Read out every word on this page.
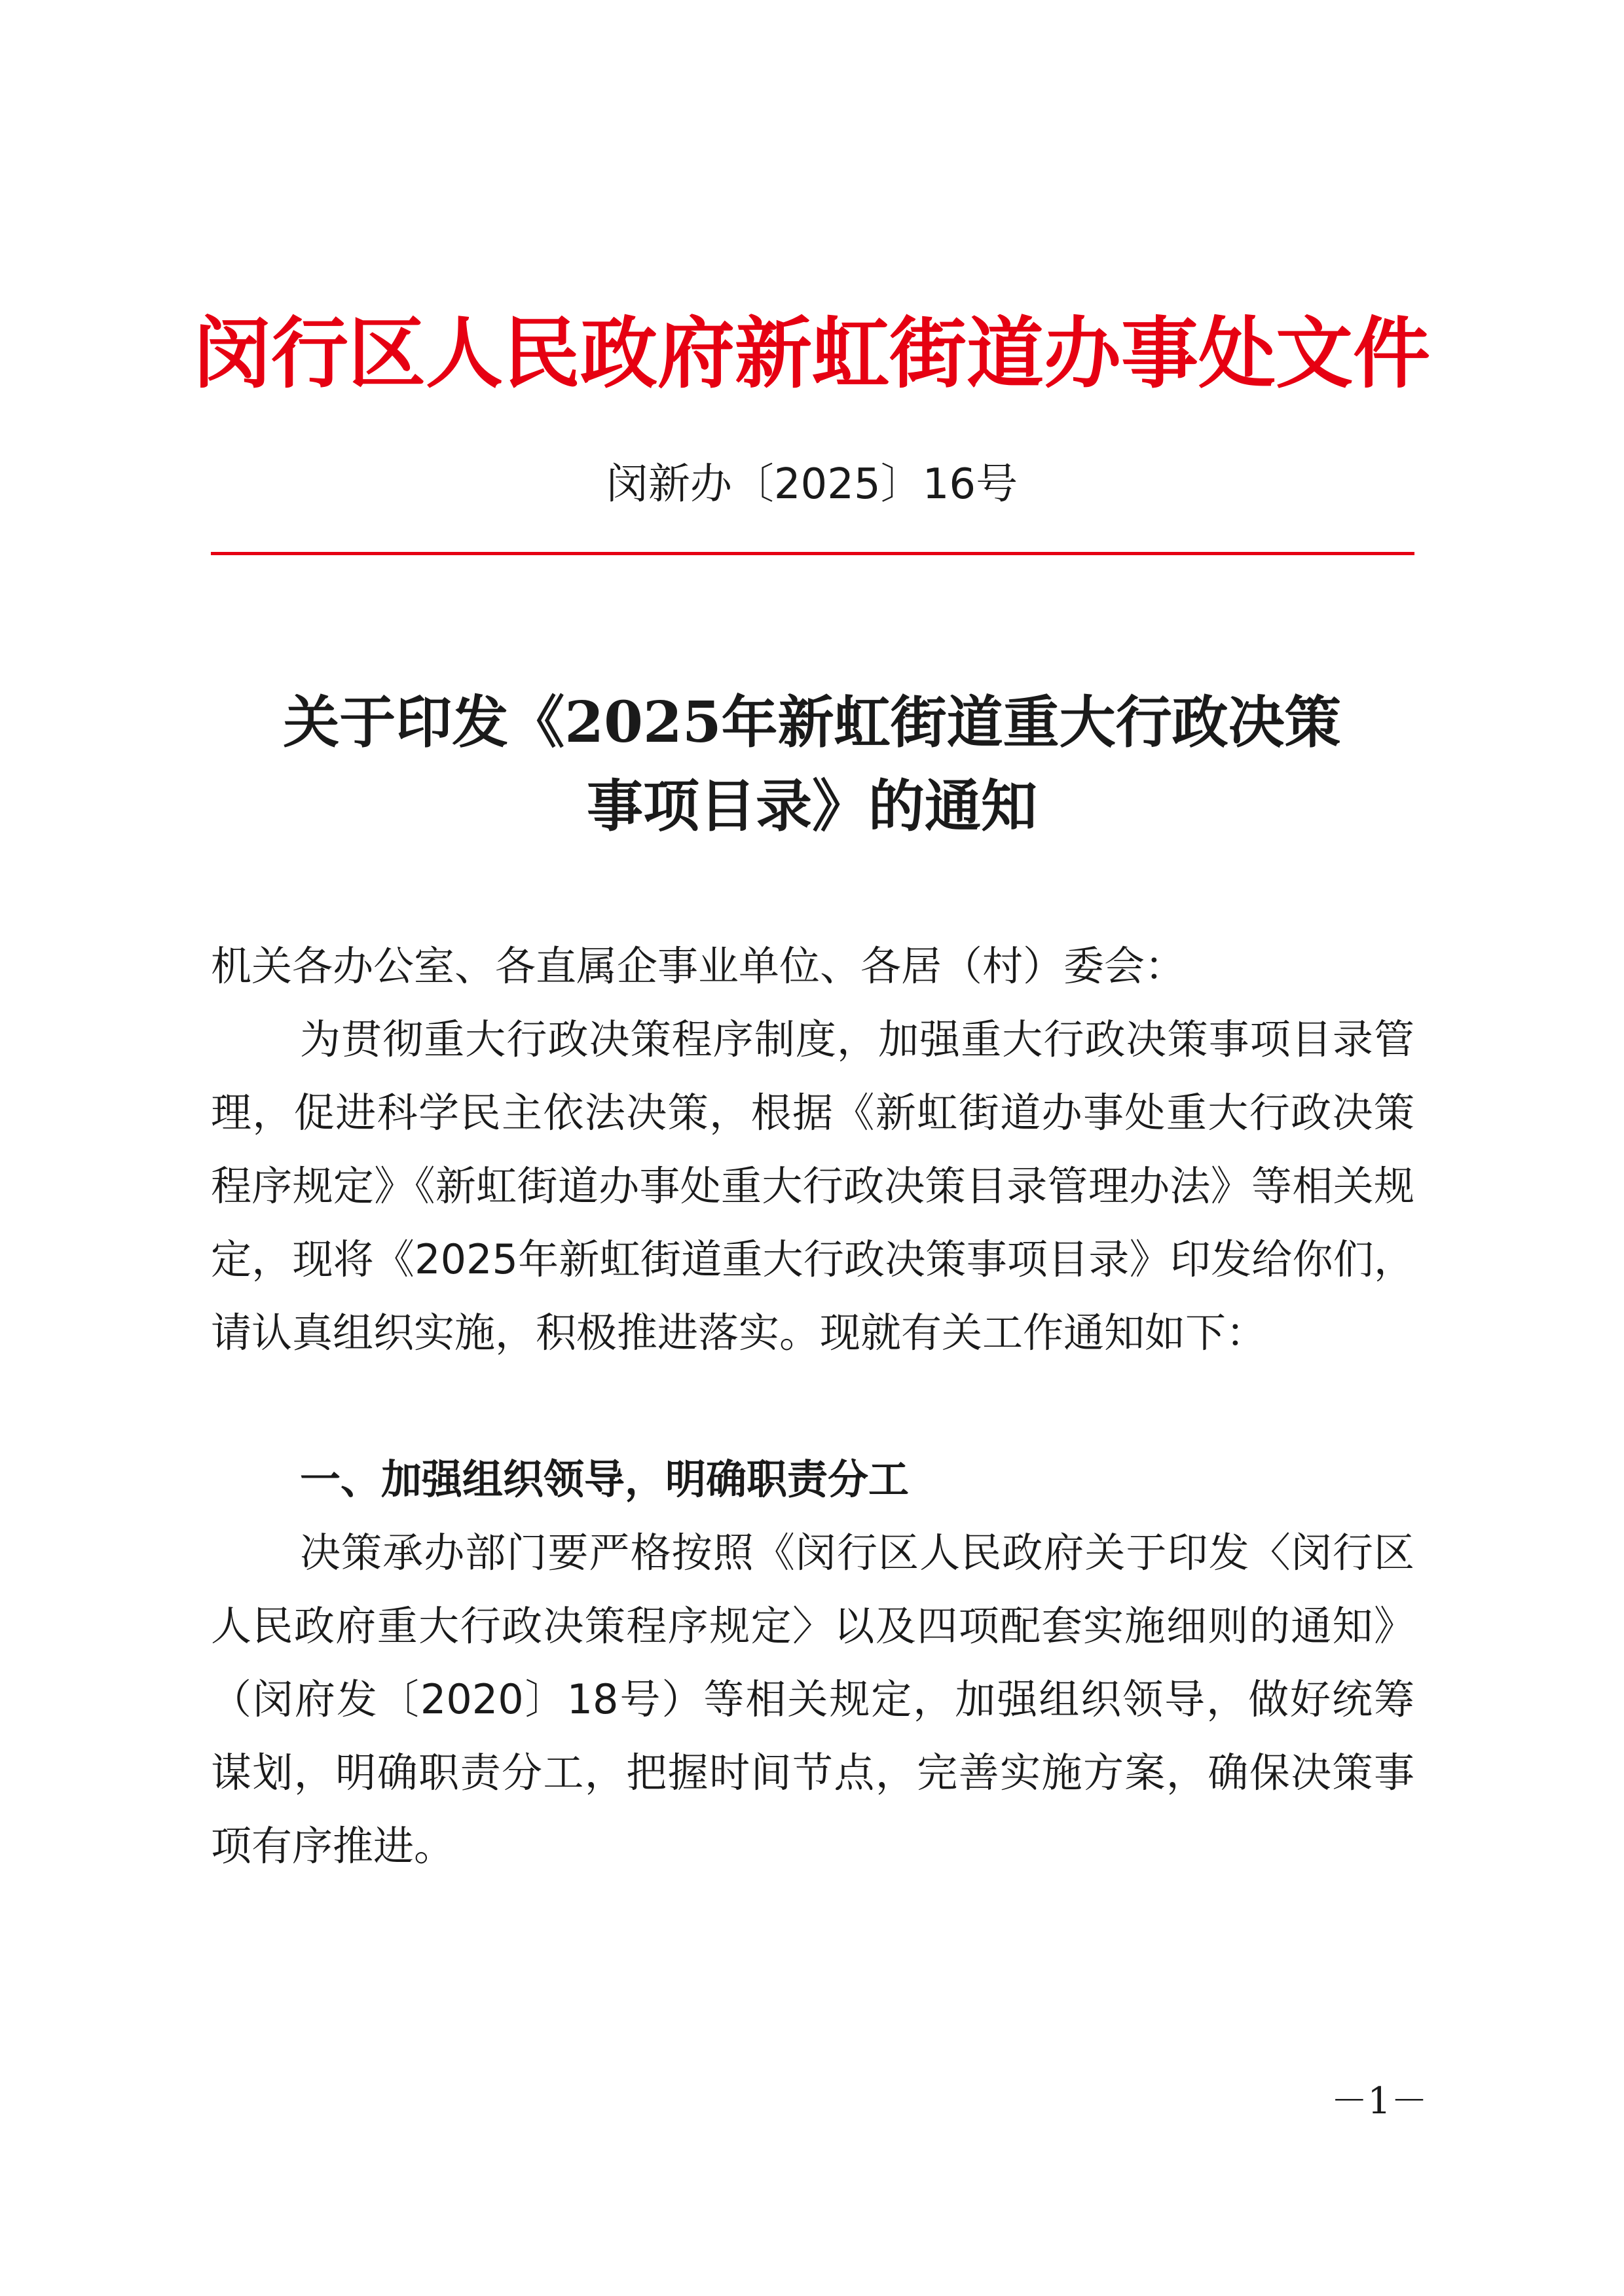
闵行区人民政府新虹街道办事处文件
闵新办〔2025〕16号
关于印发《2025年新虹街道重大行政决策
事项目录》的通知
机关各办公室、各直属企事业单位、各居（村）委会：
为贯彻重大行政决策程序制度，加强重大行政决策事项目录管理，促进科学民主依法决策，根据《新虹街道办事处重大行政决策程序规定》《新虹街道办事处重大行政决策目录管理办法》等相关规定，现将《2025年新虹街道重大行政决策事项目录》印发给你们，请认真组织实施，积极推进落实。现就有关工作通知如下：
一、加强组织领导，明确职责分工
决策承办部门要严格按照《闵行区人民政府关于印发〈闵行区人民政府重大行政决策程序规定〉以及四项配套实施细则的通知》（闵府发〔2020〕18号）等相关规定，加强组织领导，做好统筹谋划，明确职责分工，把握时间节点，完善实施方案，确保决策事项有序推进。
－1－
